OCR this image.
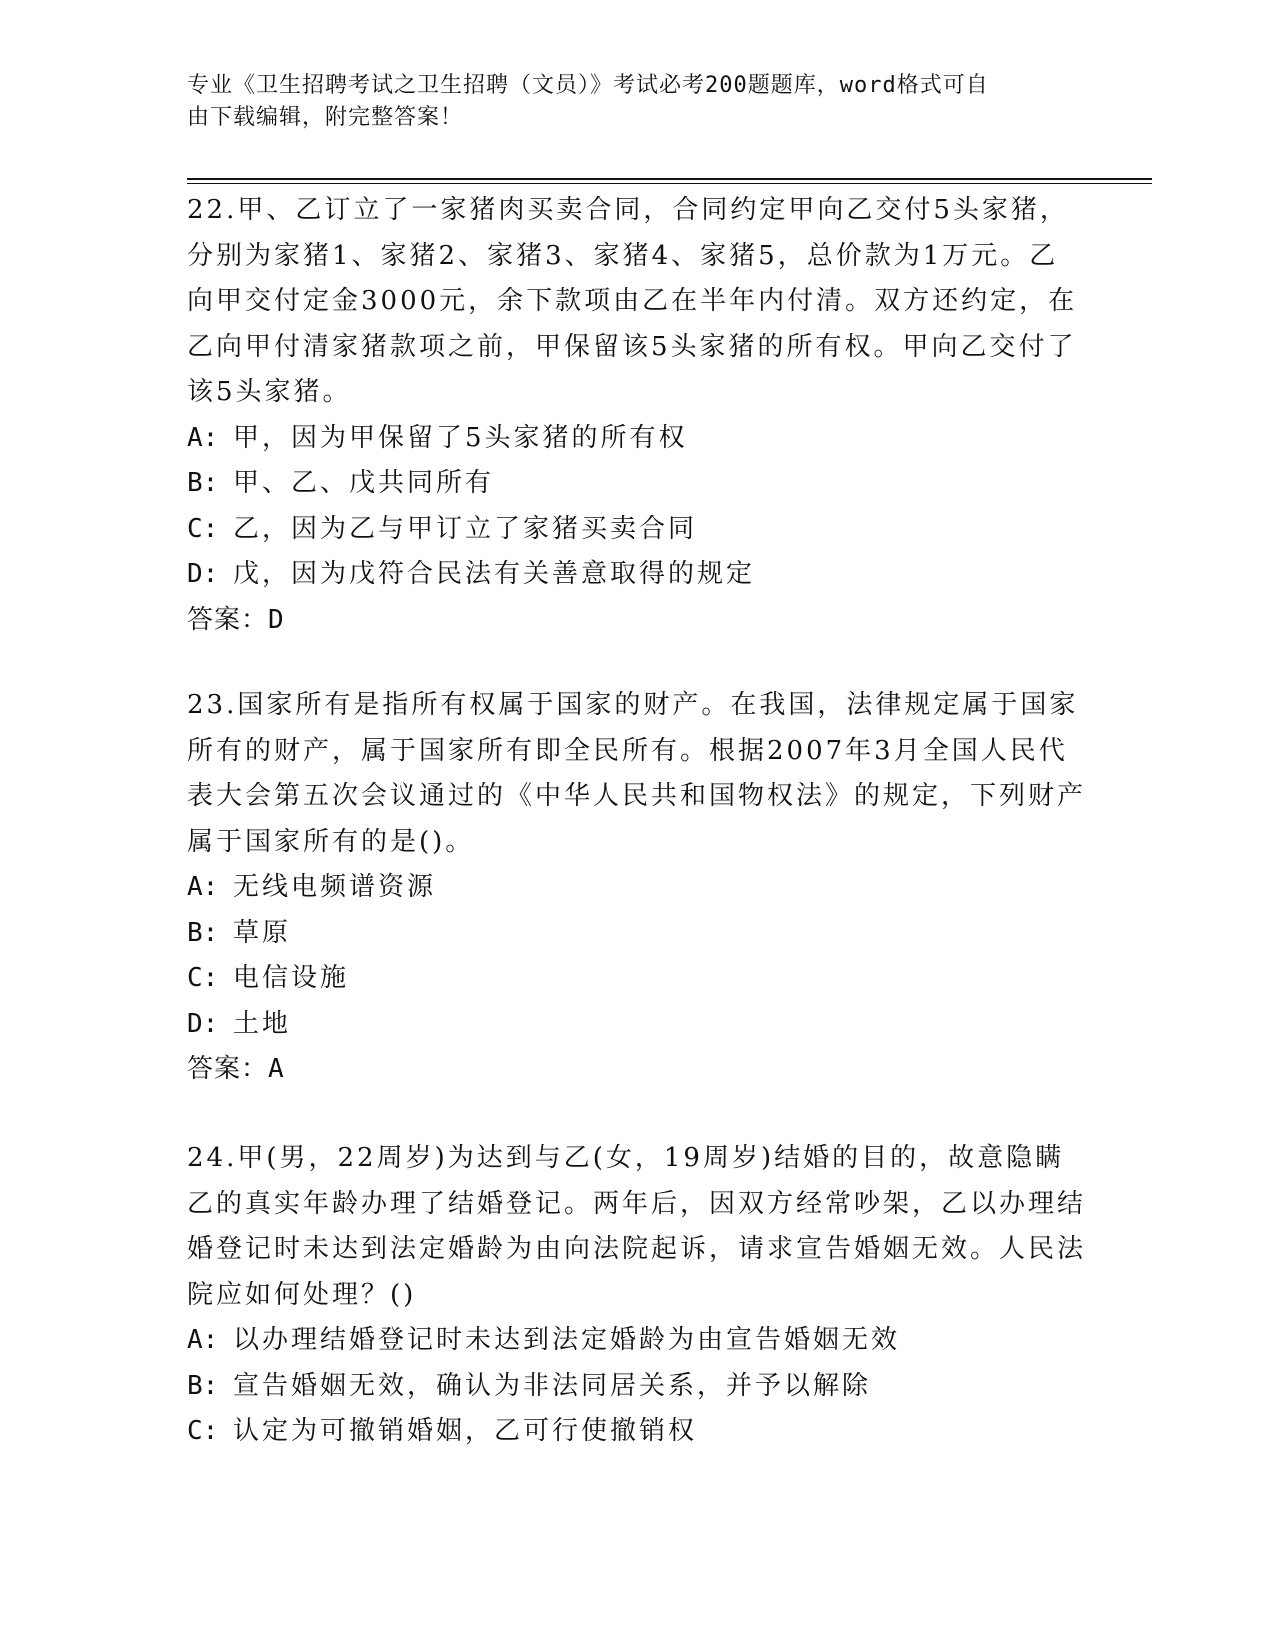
专业《卫生招聘考试之卫生招聘（文员）》考试必考200题题库，word格式可自
由下载编辑，附完整答案！

22.甲、乙订立了一家猪肉买卖合同，合同约定甲向乙交付5头家猪，分别为家猪1、家猪2、家猪3、家猪4、家猪5，总价款为1万元。乙向甲交付定金3000元，余下款项由乙在半年内付清。双方还约定，在乙向甲付清家猪款项之前，甲保留该5头家猪的所有权。甲向乙交付了该5头家猪。

A: 甲，因为甲保留了5头家猪的所有权
B: 甲、乙、戊共同所有
C: 乙，因为乙与甲订立了家猪买卖合同
D: 戊，因为戊符合民法有关善意取得的规定
答案：D

23.国家所有是指所有权属于国家的财产。在我国，法律规定属于国家所有的财产，属于国家所有即全民所有。根据2007年3月全国人民代表大会第五次会议通过的《中华人民共和国物权法》的规定，下列财产属于国家所有的是()。

A: 无线电频谱资源
B: 草原
C: 电信设施
D: 土地
答案：A

24.甲(男，22周岁)为达到与乙(女，19周岁)结婚的目的，故意隐瞒乙的真实年龄办理了结婚登记。两年后，因双方经常吵架，乙以办理结婚登记时未达到法定婚龄为由向法院起诉，请求宣告婚姻无效。人民法院应如何处理？()

A: 以办理结婚登记时未达到法定婚龄为由宣告婚姻无效
B: 宣告婚姻无效，确认为非法同居关系，并予以解除
C: 认定为可撤销婚姻，乙可行使撤销权
